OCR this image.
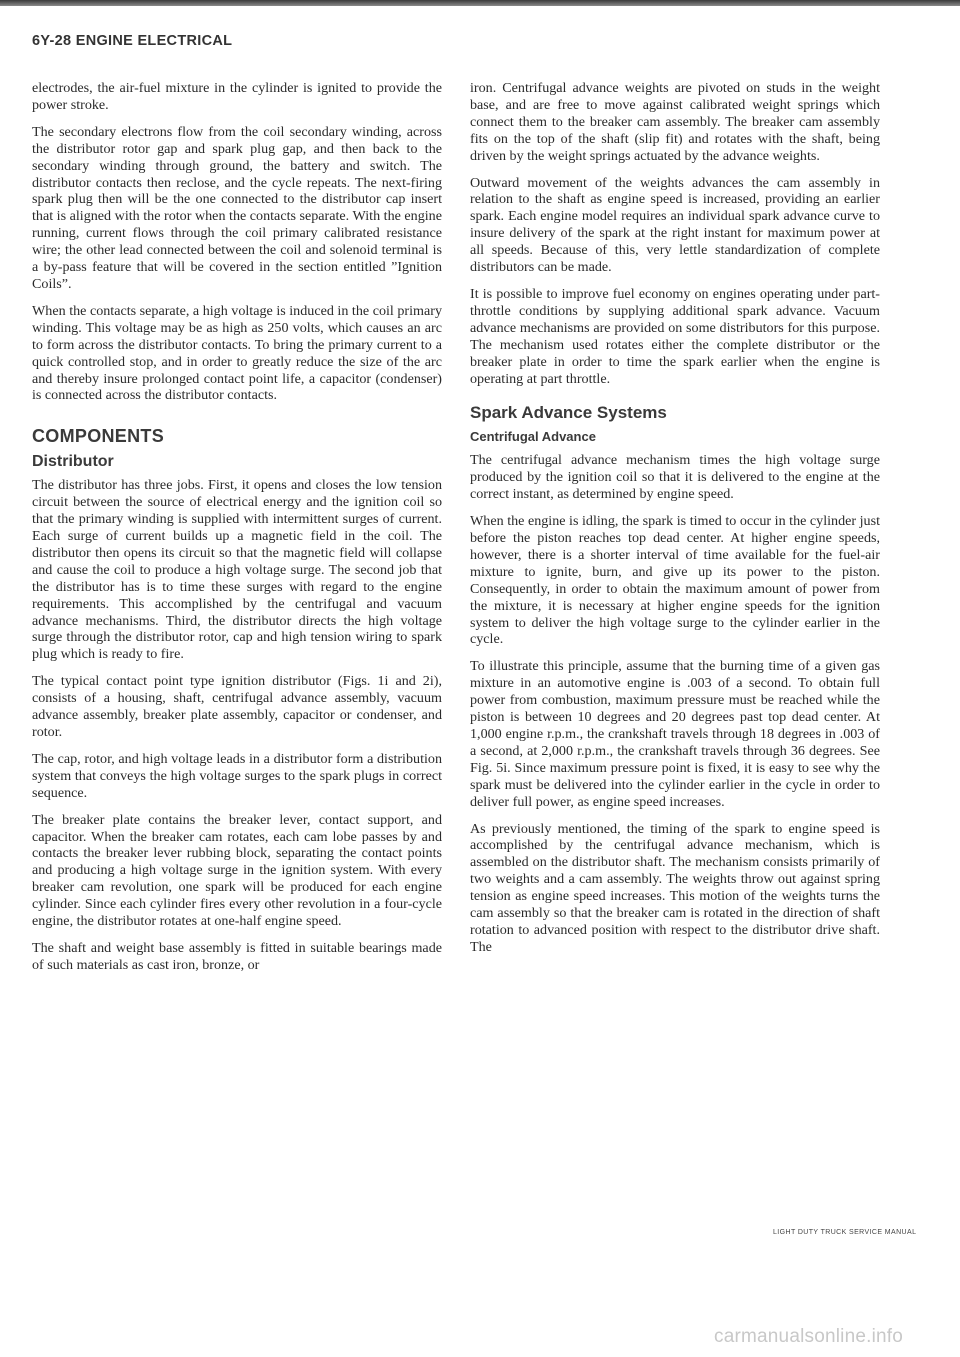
6Y-28 ENGINE ELECTRICAL

electrodes, the air-fuel mixture in the cylinder is ignited to provide the power stroke.

The secondary electrons flow from the coil secondary winding, across the distributor rotor gap and spark plug gap, and then back to the secondary winding through ground, the battery and switch. The distributor contacts then reclose, and the cycle repeats. The next-firing spark plug then will be the one connected to the distributor cap insert that is aligned with the rotor when the contacts separate. With the engine running, current flows through the coil primary calibrated resistance wire; the other lead connected between the coil and solenoid terminal is a by-pass feature that will be covered in the section entitled ”Ignition Coils”.

When the contacts separate, a high voltage is induced in the coil primary winding. This voltage may be as high as 250 volts, which causes an arc to form across the distributor contacts. To bring the primary current to a quick controlled stop, and in order to greatly reduce the size of the arc and thereby insure prolonged contact point life, a capacitor (condenser) is connected across the distributor contacts.

COMPONENTS
Distributor

The distributor has three jobs. First, it opens and closes the low tension circuit between the source of electrical energy and the ignition coil so that the primary winding is supplied with intermittent surges of current. Each surge of current builds up a magnetic field in the coil. The distributor then opens its circuit so that the magnetic field will collapse and cause the coil to produce a high voltage surge. The second job that the distributor has is to time these surges with regard to the engine requirements. This accomplished by the centrifugal and vacuum advance mechanisms. Third, the distributor directs the high voltage surge through the distributor rotor, cap and high tension wiring to spark plug which is ready to fire.

The typical contact point type ignition distributor (Figs. 1i and 2i), consists of a housing, shaft, centrifugal advance assembly, vacuum advance assembly, breaker plate assembly, capacitor or condenser, and rotor.

The cap, rotor, and high voltage leads in a distributor form a distribution system that conveys the high voltage surges to the spark plugs in correct sequence.

The breaker plate contains the breaker lever, contact support, and capacitor. When the breaker cam rotates, each cam lobe passes by and contacts the breaker lever rubbing block, separating the contact points and producing a high voltage surge in the ignition system. With every breaker cam revolution, one spark will be produced for each engine cylinder. Since each cylinder fires every other revolution in a four-cycle engine, the distributor rotates at one-half engine speed.

The shaft and weight base assembly is fitted in suitable bearings made of such materials as cast iron, bronze, or

iron. Centrifugal advance weights are pivoted on studs in the weight base, and are free to move against calibrated weight springs which connect them to the breaker cam assembly. The breaker cam assembly fits on the top of the shaft (slip fit) and rotates with the shaft, being driven by the weight springs actuated by the advance weights.

Outward movement of the weights advances the cam assembly in relation to the shaft as engine speed is increased, providing an earlier spark. Each engine model requires an individual spark advance curve to insure delivery of the spark at the right instant for maximum power at all speeds. Because of this, very lettle standardization of complete distributors can be made.

It is possible to improve fuel economy on engines operating under part-throttle conditions by supplying additional spark advance. Vacuum advance mechanisms are provided on some distributors for this purpose. The mechanism used rotates either the complete distributor or the breaker plate in order to time the spark earlier when the engine is operating at part throttle.

Spark Advance Systems
Centrifugal Advance

The centrifugal advance mechanism times the high voltage surge produced by the ignition coil so that it is delivered to the engine at the correct instant, as determined by engine speed.

When the engine is idling, the spark is timed to occur in the cylinder just before the piston reaches top dead center. At higher engine speeds, however, there is a shorter interval of time available for the fuel-air mixture to ignite, burn, and give up its power to the piston. Consequently, in order to obtain the maximum amount of power from the mixture, it is necessary at higher engine speeds for the ignition system to deliver the high voltage surge to the cylinder earlier in the cycle.

To illustrate this principle, assume that the burning time of a given gas mixture in an automotive engine is .003 of a second. To obtain full power from combustion, maximum pressure must be reached while the piston is between 10 degrees and 20 degrees past top dead center. At 1,000 engine r.p.m., the crankshaft travels through 18 degrees in .003 of a second, at 2,000 r.p.m., the crankshaft travels through 36 degrees. See Fig. 5i. Since maximum pressure point is fixed, it is easy to see why the spark must be delivered into the cylinder earlier in the cycle in order to deliver full power, as engine speed increases.

As previously mentioned, the timing of the spark to engine speed is accomplished by the centrifugal advance mechanism, which is assembled on the distributor shaft. The mechanism consists primarily of two weights and a cam assembly. The weights throw out against spring tension as engine speed increases. This motion of the weights turns the cam assembly so that the breaker cam is rotated in the direction of shaft rotation to advanced position with respect to the distributor drive shaft. The

LIGHT DUTY TRUCK SERVICE MANUAL
carmanualsonline.info
